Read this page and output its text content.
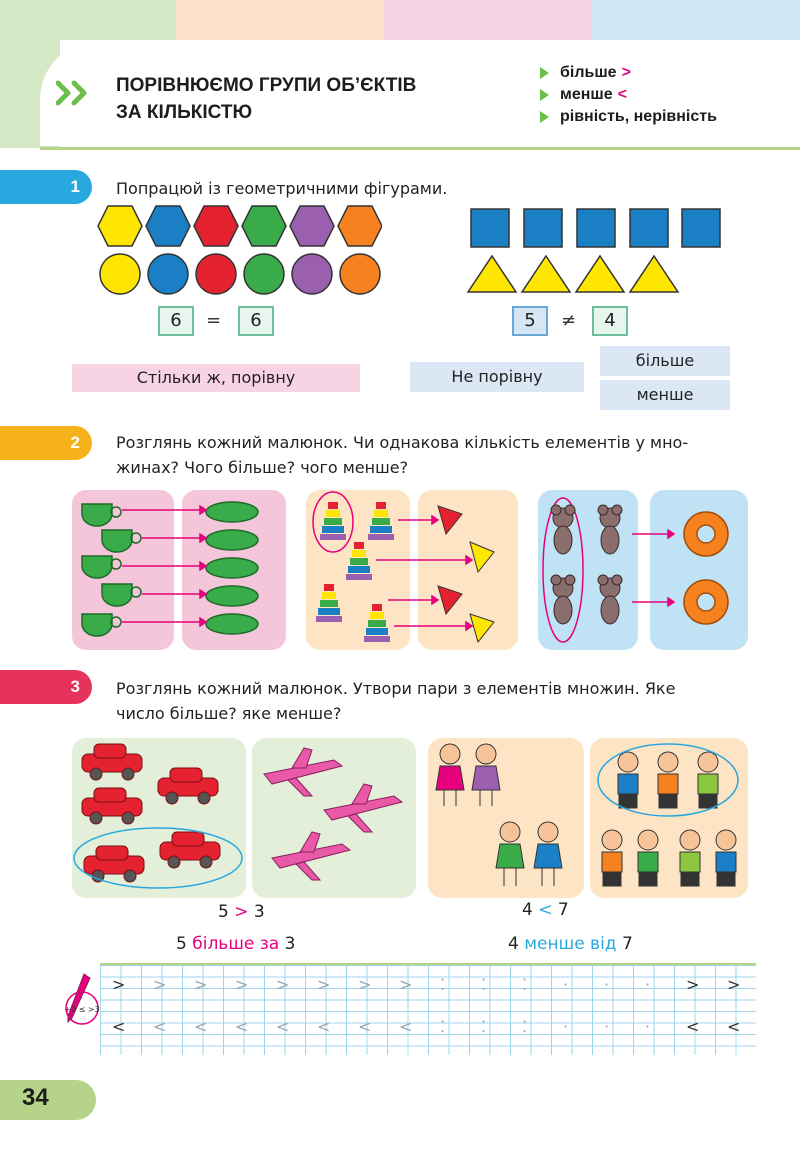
ПОРІВНЮЄМО ГРУПИ ОБ’ЄКТІВ
ЗА КІЛЬКІСТЮ
більше >
менше <
рівність, нерівність
1	Попрацюй із геометричними фігурами.
6	=	6	5	≠	4
Стільки ж, порівну	Не порівну
більше
менше
2	Розглянь кожний малюнок. Чи однакова кількість елементів у мно-
жинах? Чого більше? чого менше?
3	Розглянь кожний малюнок. Утвори пари з елементів множин. Яке
число більше? яке менше?
5 > 3	4 < 7
5 більше за 3	4 менше від 7
+2 ≤ >3
> > > > > > > > ⁚ ⁚ ⁚ · · · > >
< < < < < < < < ⁚ ⁚ ⁚ · · · < <
34
